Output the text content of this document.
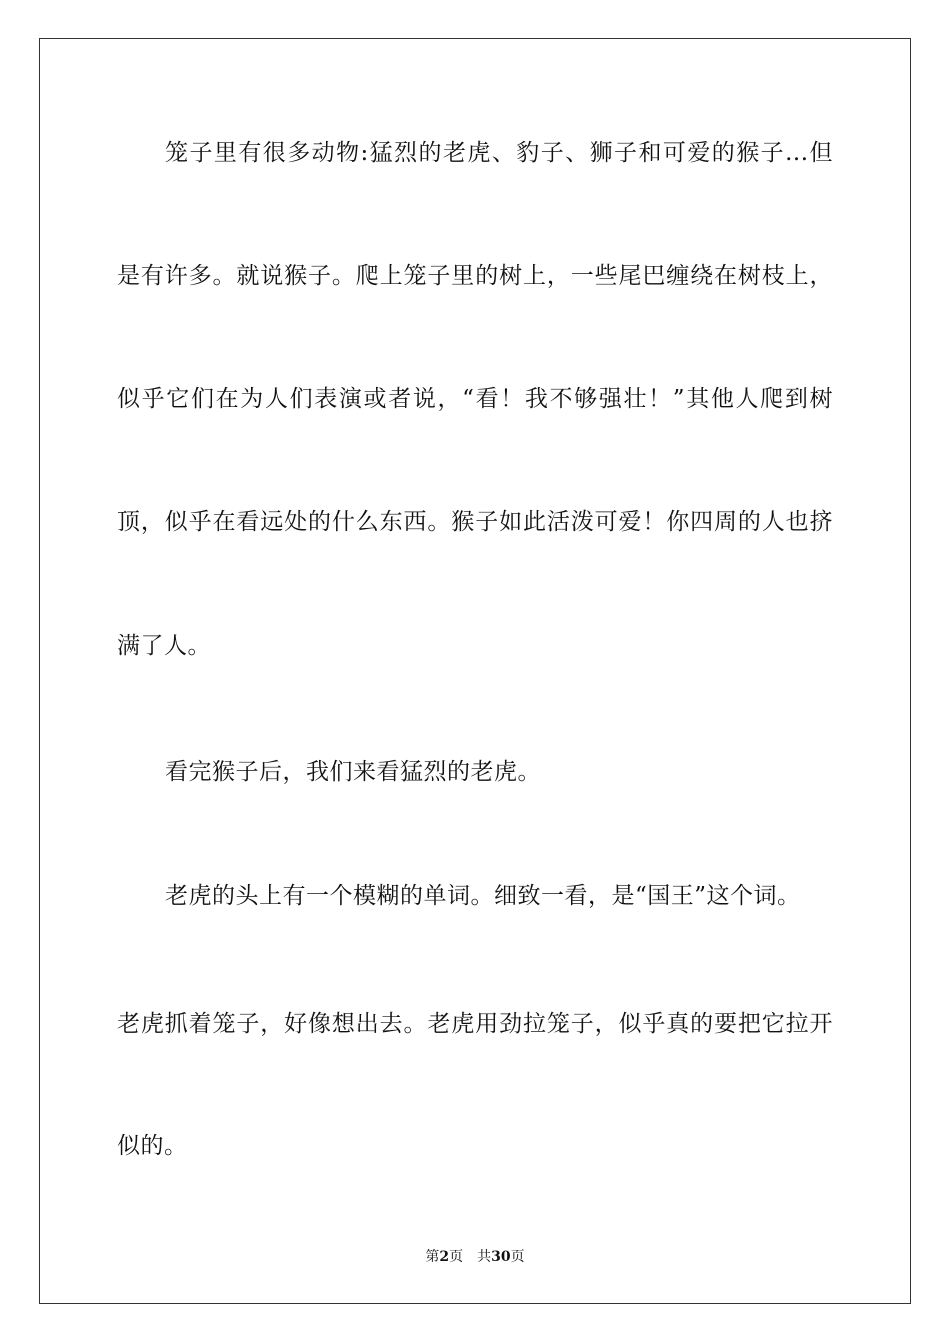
笼子里有很多动物:猛烈的老虎、豹子、狮子和可爱的猴子...但
是有许多。就说猴子。爬上笼子里的树上，一些尾巴缠绕在树枝上，
似乎它们在为人们表演或者说，“看！我不够强壮！”其他人爬到树
顶，似乎在看远处的什么东西。猴子如此活泼可爱！你四周的人也挤
满了人。
看完猴子后，我们来看猛烈的老虎。
老虎的头上有一个模糊的单词。细致一看，是“国王”这个词。
老虎抓着笼子，好像想出去。老虎用劲拉笼子，似乎真的要把它拉开
似的。
第2页 共30页
